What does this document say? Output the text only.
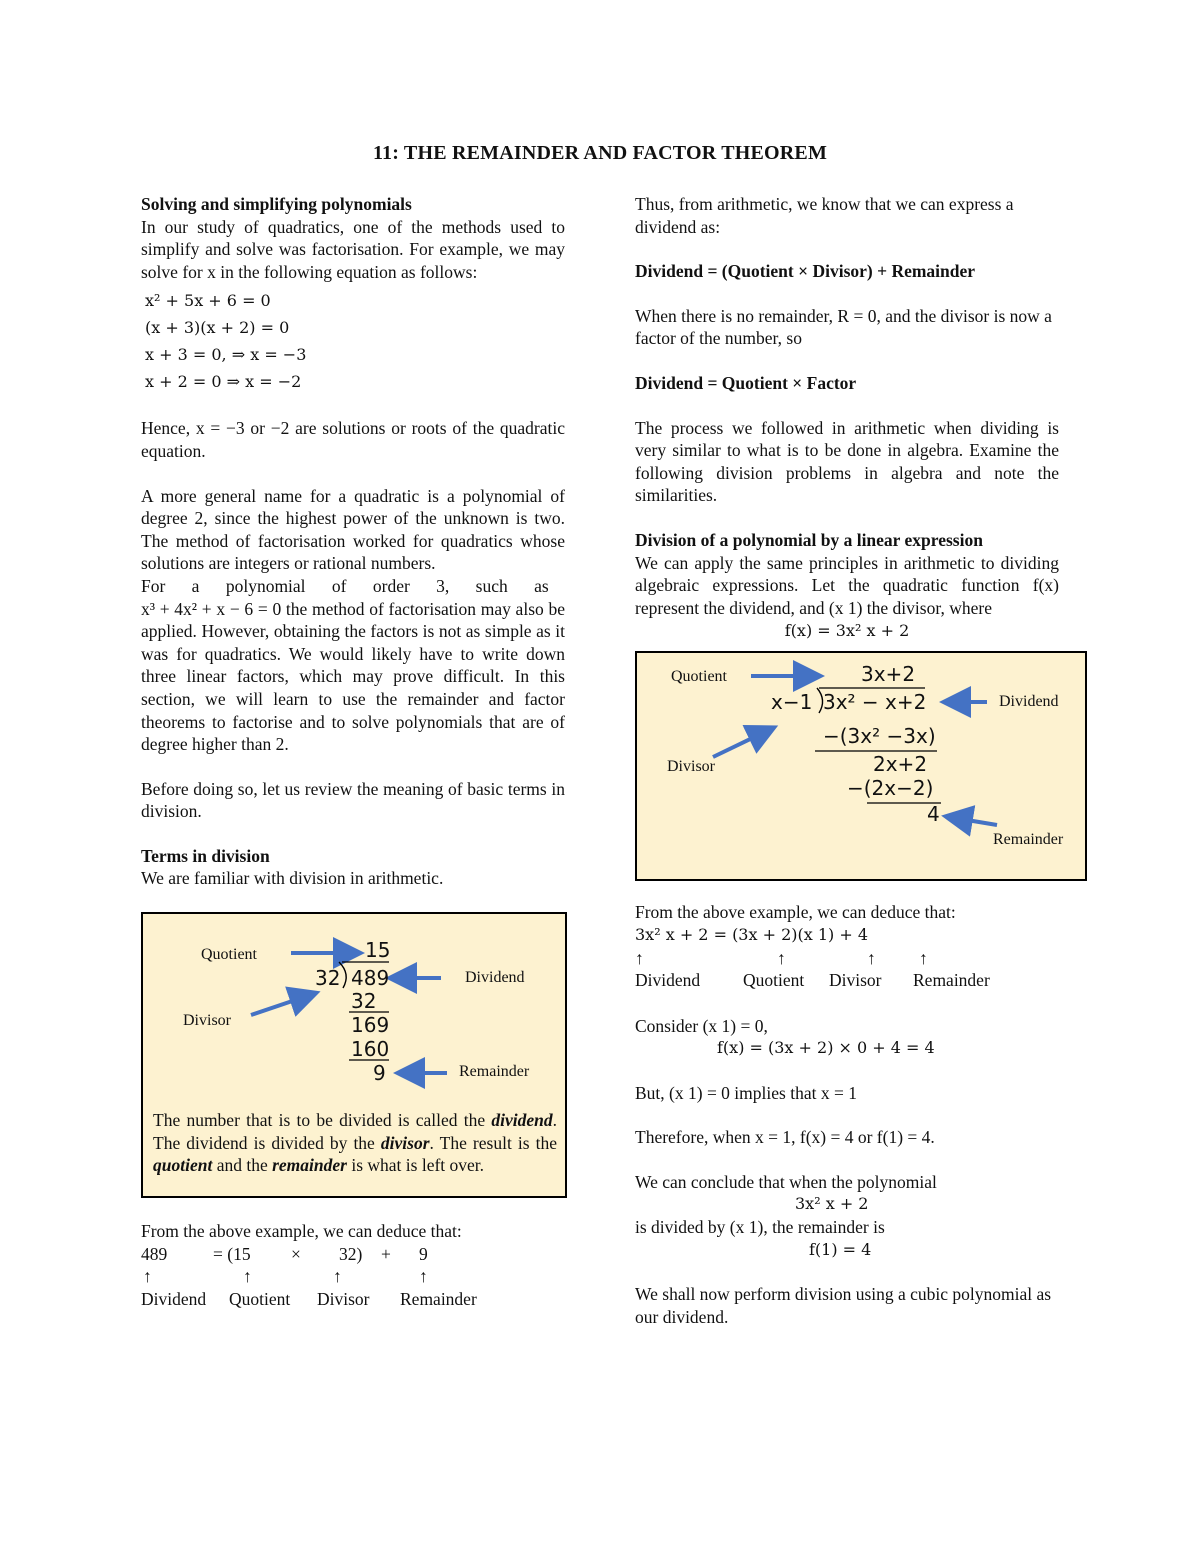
11: THE REMAINDER AND FACTOR THEOREM

Solving and simplifying polynomials

In our study of quadratics, one of the methods used to simplify and solve was factorisation. For example, we may solve for x in the following equation as follows:

x² + 5x + 6 = 0

(x + 3)(x + 2) = 0

x + 3 = 0, ⇒ x = −3

x + 2 = 0 ⇒ x = −2

Hence, x = −3 or −2 are solutions or roots of the quadratic equation.

A more general name for a quadratic is a polynomial of degree 2, since the highest power of the unknown is two. The method of factorisation worked for quadratics whose solutions are integers or rational numbers.

For a polynomial of order 3, such as

x³ + 4x² + x − 6 = 0 the method of factorisation may also be applied. However, obtaining the factors is not as simple as it was for quadratics. We would likely have to write down three linear factors, which may prove difficult. In this section, we will learn to use the remainder and factor theorems to factorise and to solve polynomials that are of degree higher than 2.

Before doing so, let us review the meaning of basic terms in division.

Terms in division

We are familiar with division in arithmetic.

Quotient
Divisor
Dividend
Remainder
15
32 489
32
169
160
9

The number that is to be divided is called the dividend. The dividend is divided by the divisor. The result is the quotient and the remainder is what is left over.

From the above example, we can deduce that:

489	= (15 × 32) + 9
↑	↑	↑	↑
Dividend Quotient Divisor Remainder

Thus, from arithmetic, we know that we can express a dividend as:

Dividend = (Quotient × Divisor) + Remainder

When there is no remainder, R = 0, and the divisor is now a factor of the number, so

Dividend = Quotient × Factor

The process we followed in arithmetic when dividing is very similar to what is to be done in algebra. Examine the following division problems in algebra and note the similarities.

Division of a polynomial by a linear expression

We can apply the same principles in arithmetic to dividing algebraic expressions. Let the quadratic function f(x) represent the dividend, and (x 1) the divisor, where

f(x) = 3x² x + 2

Quotient
Divisor
Dividend
Remainder
3x+2
x−1 3x² − x+2
−(3x² −3x)
2x+2
−(2x−2)
4

From the above example, we can deduce that:

3x² x + 2 = (3x + 2)(x 1) + 4

↑	↑	↑ ↑
Dividend Quotient Divisor Remainder

Consider (x 1) = 0,

f(x) = (3x + 2) × 0 + 4 = 4

But, (x 1) = 0 implies that x = 1

Therefore, when x = 1, f(x) = 4 or f(1) = 4.

We can conclude that when the polynomial

3x² x + 2

is divided by (x 1), the remainder is

f(1) = 4

We shall now perform division using a cubic polynomial as our dividend.
